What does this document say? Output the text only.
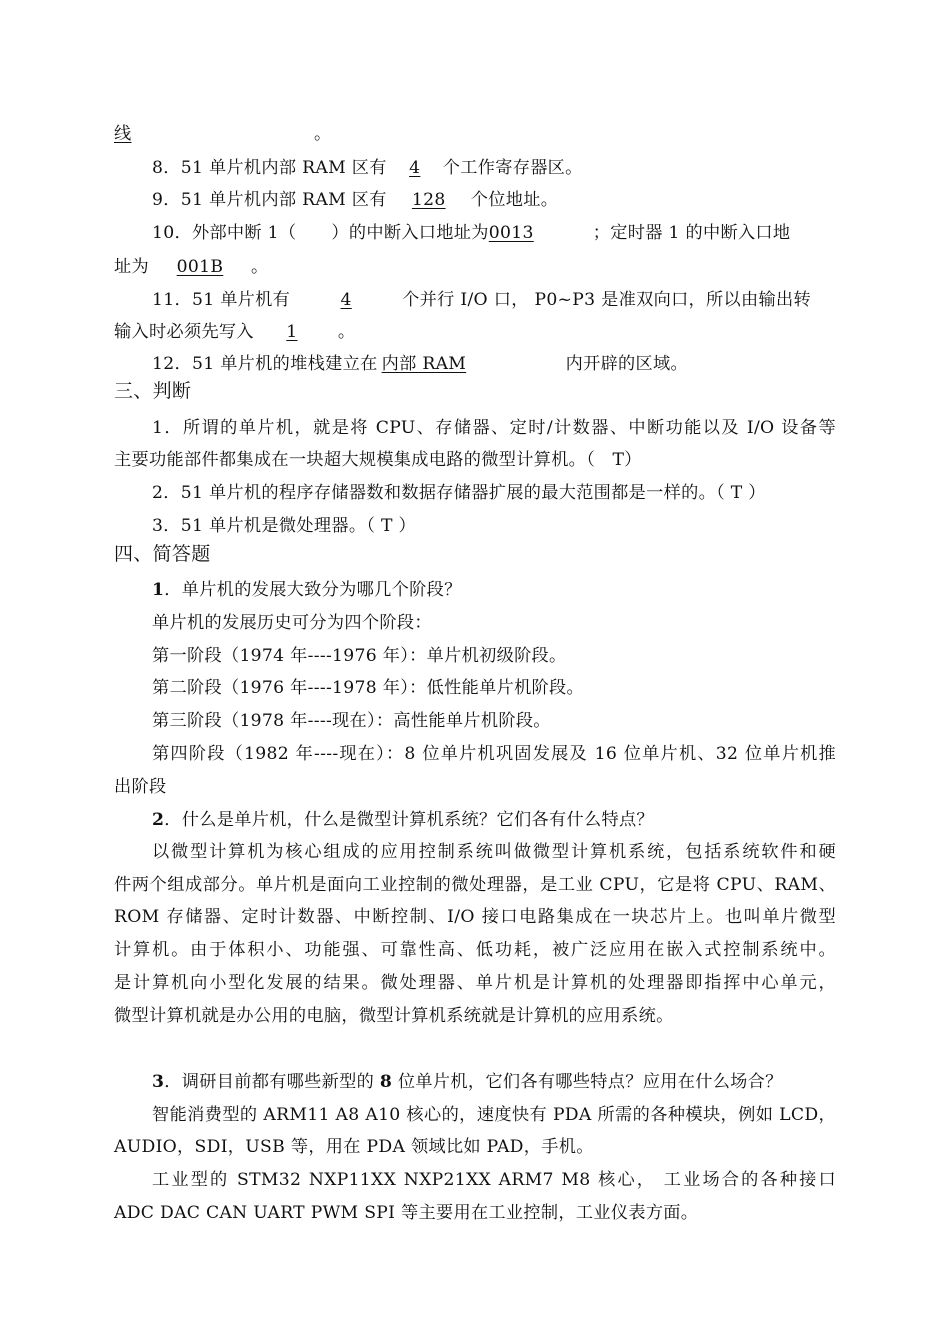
线	。
8．51 单片机内部 RAM 区有 4 个工作寄存器区。
9．51 单片机内部 RAM 区有 128 个位地址。
10．外部中断 1（　　）的中断入口地址为0013	；定时器 1 的中断入口地
址为 001B 。
11．51 单片机有	4	个并行 I/O 口， P0~P3 是准双向口，所以由输出转
输入时必须先写入 1 。
12．51 单片机的堆栈建立在 内部 RAM	内开辟的区域。
三、判断
1．所谓的单片机，就是将 CPU、存储器、定时/计数器、中断功能以及 I/O 设备等
主要功能部件都集成在一块超大规模集成电路的微型计算机。（　T）
2．51 单片机的程序存储器数和数据存储器扩展的最大范围都是一样的。（ T ）
3．51 单片机是微处理器。（ T ）
四、简答题
1．单片机的发展大致分为哪几个阶段？
单片机的发展历史可分为四个阶段：
第一阶段（1974 年----1976 年）：单片机初级阶段。
第二阶段（1976 年----1978 年）：低性能单片机阶段。
第三阶段（1978 年----现在）：高性能单片机阶段。
第四阶段（1982 年----现在）：8 位单片机巩固发展及 16 位单片机、32 位单片机推
出阶段
2．什么是单片机，什么是微型计算机系统？它们各有什么特点？
以微型计算机为核心组成的应用控制系统叫做微型计算机系统，包括系统软件和硬
件两个组成部分。单片机是面向工业控制的微处理器，是工业 CPU，它是将 CPU、RAM、
ROM 存储器、定时计数器、中断控制、I/O 接口电路集成在一块芯片上。也叫单片微型
计算机。由于体积小、功能强、可靠性高、低功耗，被广泛应用在嵌入式控制系统中。
是计算机向小型化发展的结果。微处理器、单片机是计算机的处理器即指挥中心单元，
微型计算机就是办公用的电脑，微型计算机系统就是计算机的应用系统。
3．调研目前都有哪些新型的 8 位单片机，它们各有哪些特点？应用在什么场合？
智能消费型的 ARM11 A8 A10 核心的，速度快有 PDA 所需的各种模块，例如 LCD，
AUDIO，SDI，USB 等，用在 PDA 领域比如 PAD，手机。
工业型的 STM32 NXP11XX NXP21XX ARM7 M8 核心， 工业场合的各种接口
ADC DAC CAN UART PWM SPI 等主要用在工业控制，工业仪表方面。
